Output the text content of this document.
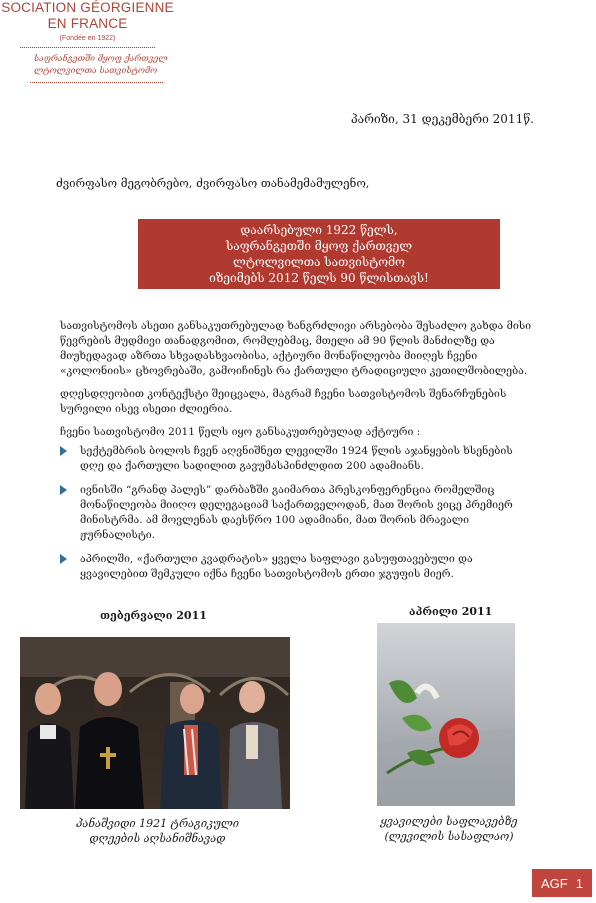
SOCIATION GÉORGIENNE
EN FRANCE
(Fondée en 1922)
საფრანგეთში მყოფ ქართველ
ლტოლვილთა სათვისტომო
პარიზი, 31 დეკემბერი 2011წ.
ძვირფასო მეგობრებო, ძვირფასო თანამემამულენო,
დაარსებული 1922 წელს,
საფრანგეთში მყოფ ქართველ
ლტოლვილთა სათვისტომო
იზეიმებს 2012 წელს 90 წლისთავს!

სათვისტომოს ასეთი განსაკუთრებულად ხანგრძლივი არსებობა შესაძლო გახდა მისი წევრების მუდმივი თანადგომით, რომლებმაც, მთელი ამ 90 წლის მანძილზე და მიუხედავად აზრთა სხვადასხვაობისა, აქტიური მონაწილეობა მიიღეს ჩვენი «კოლონიის» ცხოვრებაში, გამოიჩინეს რა ქართული ტრადიციული კეთილშობილება.

დღესდღეობით კონტექსტი შეიცვალა, მაგრამ ჩვენი სათვისტომოს შენარჩუნების სურვილი ისევ ისეთი ძლიერია.

ჩვენი სათვისტომო 2011 წელს იყო განსაკუთრებულად აქტიური :

სექტემბრის ბოლოს ჩვენ აღვნიშნეთ ლევილში 1924 წლის აჯანყების ხსენების დღე და ქართული სადილით გავუმასპინძლდით 200 ადამიანს.
ივნისში “გრანდ პალეს” დარბაზში გაიმართა პრესკონფერენცია რომელშიც მონაწილეობა მიიღო დელეგაციამ საქართველოდან, მათ შორის ვიცე პრემიერ მინისტრმა. ამ მოვლენას დაესწრო 100 ადამიანი, მათ შორის მრავალი ჟურნალისტი.
აპრილში, «ქართული კვადრატის» ყველა საფლავი გასუფთავებული და ყვავილებით შემკული იქნა ჩვენი სათვისტომოს ერთი ჯგუფის მიერ.
თებერვალი 2011	აპრილი 2011
პანაშვიდი 1921 ტრაგიკული
დღეების აღსანიშნავად
ყვავილები საფლავებზე
(ლევილის სასაფლაო)
AGF 1
